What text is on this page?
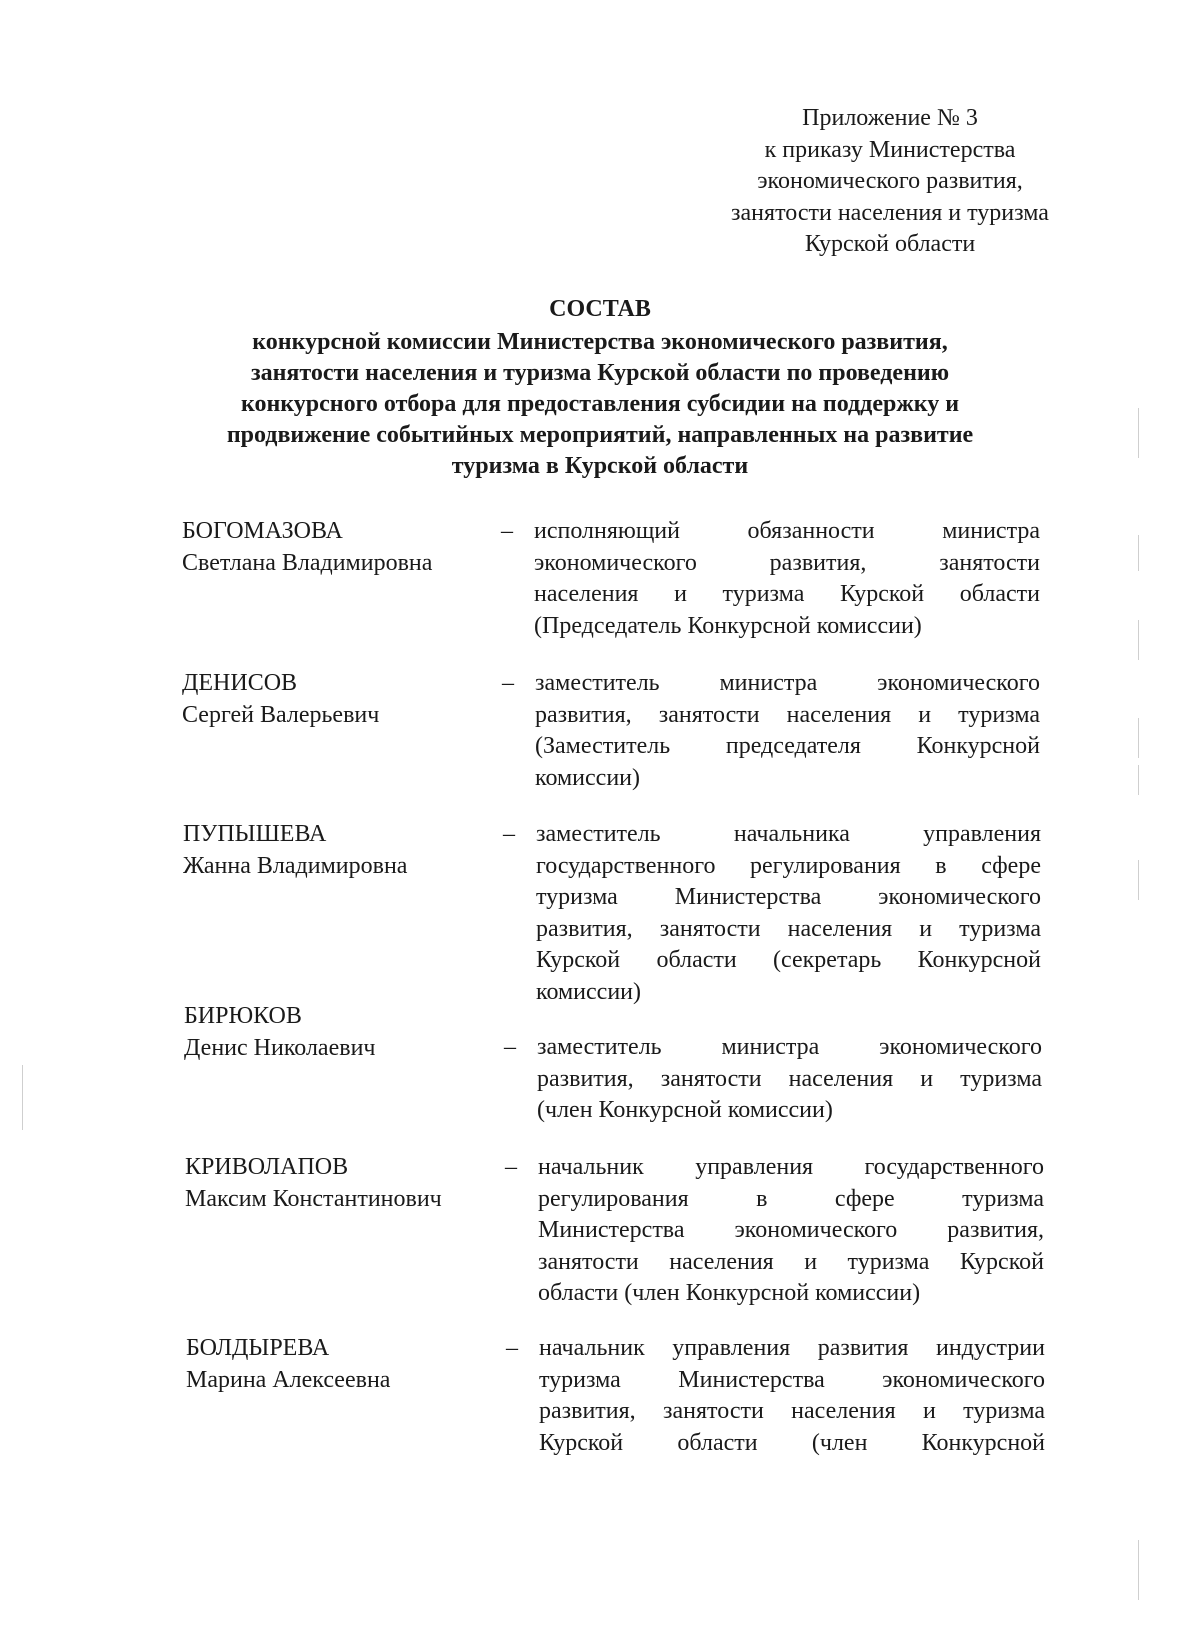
Приложение № 3
к приказу Министерства
экономического развития,
занятости населения и туризма
Курской области
СОСТАВ
конкурсной комиссии Министерства экономического развития,
занятости населения и туризма Курской области по проведению
конкурсного отбора для предоставления субсидии на поддержку и
продвижение событийных мероприятий, направленных на развитие
туризма в Курской области
БОГОМАЗОВА
Светлана Владимировна
– исполняющий обязанности министра
экономического развития, занятости
населения и туризма Курской области
(Председатель Конкурсной комиссии)
ДЕНИСОВ
Сергей Валерьевич
– заместитель министра экономического
развития, занятости населения и туризма
(Заместитель председателя Конкурсной
комиссии)
ПУПЫШЕВА
Жанна Владимировна
– заместитель начальника управления
государственного регулирования в сфере
туризма Министерства экономического
развития, занятости населения и туризма
Курской области (секретарь Конкурсной
комиссии)
БИРЮКОВ
Денис Николаевич	– заместитель министра экономического
развития, занятости населения и туризма
(член Конкурсной комиссии)
КРИВОЛАПОВ
Максим Константинович
– начальник управления государственного
регулирования в сфере туризма
Министерства экономического развития,
занятости населения и туризма Курской
области (член Конкурсной комиссии)
БОЛДЫРЕВА
Марина Алексеевна
– начальник управления развития индустрии
туризма Министерства экономического
развития, занятости населения и туризма
Курской области (член Конкурсной
